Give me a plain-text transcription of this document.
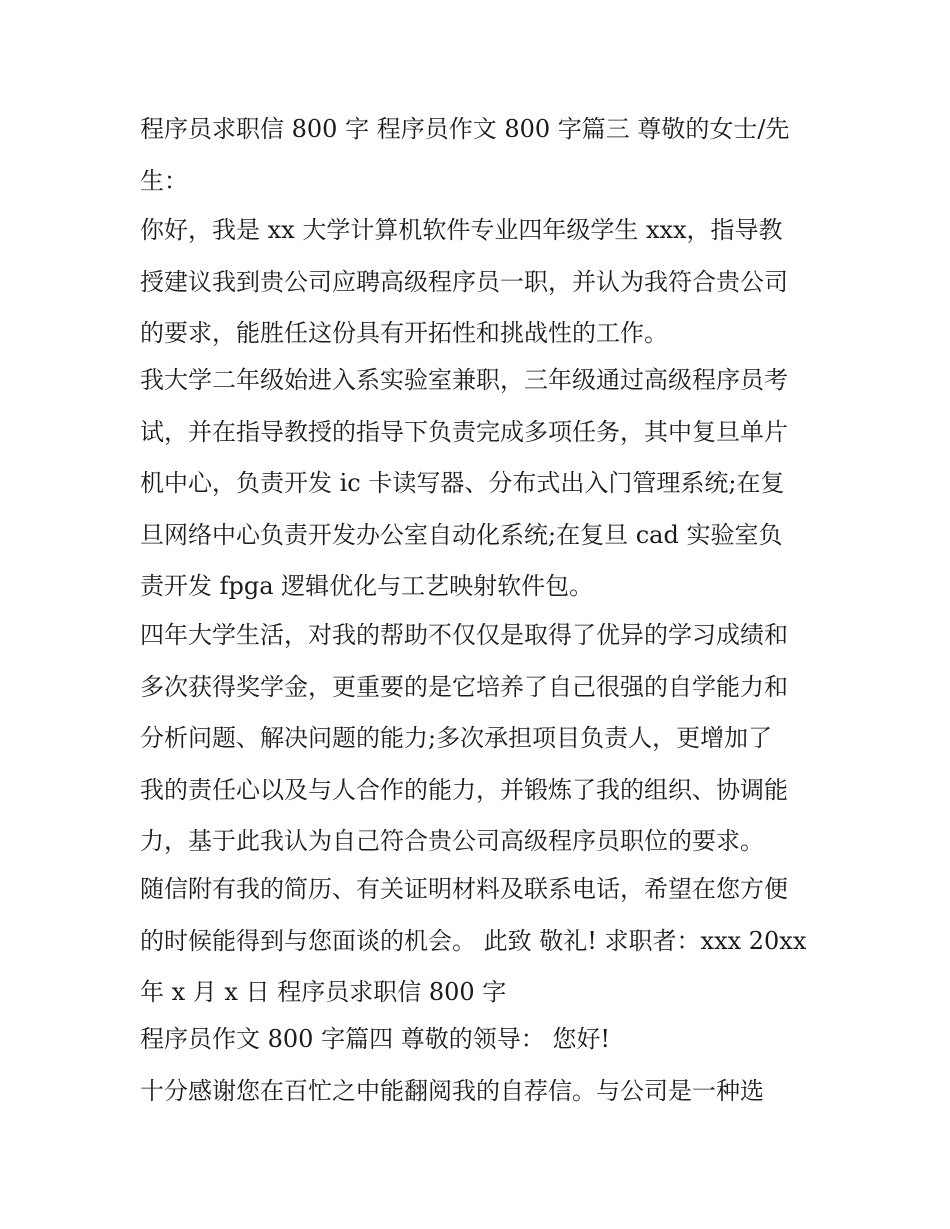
程序员求职信 800 字 程序员作文 800 字篇三 尊敬的女士/先
生：
你好，我是 xx 大学计算机软件专业四年级学生 xxx，指导教
授建议我到贵公司应聘高级程序员一职，并认为我符合贵公司
的要求，能胜任这份具有开拓性和挑战性的工作。
我大学二年级始进入系实验室兼职，三年级通过高级程序员考
试，并在指导教授的指导下负责完成多项任务，其中复旦单片
机中心，负责开发 ic 卡读写器、分布式出入门管理系统;在复
旦网络中心负责开发办公室自动化系统;在复旦 cad 实验室负
责开发 fpga 逻辑优化与工艺映射软件包。
四年大学生活，对我的帮助不仅仅是取得了优异的学习成绩和
多次获得奖学金，更重要的是它培养了自己很强的自学能力和
分析问题、解决问题的能力;多次承担项目负责人，更增加了
我的责任心以及与人合作的能力，并锻炼了我的组织、协调能
力，基于此我认为自己符合贵公司高级程序员职位的要求。
随信附有我的简历、有关证明材料及联系电话，希望在您方便
的时候能得到与您面谈的机会。 此致 敬礼! 求职者：xxx 20xx
年 x 月 x 日 程序员求职信 800 字
程序员作文 800 字篇四 尊敬的领导： 您好!
十分感谢您在百忙之中能翻阅我的自荐信。与公司是一种选
